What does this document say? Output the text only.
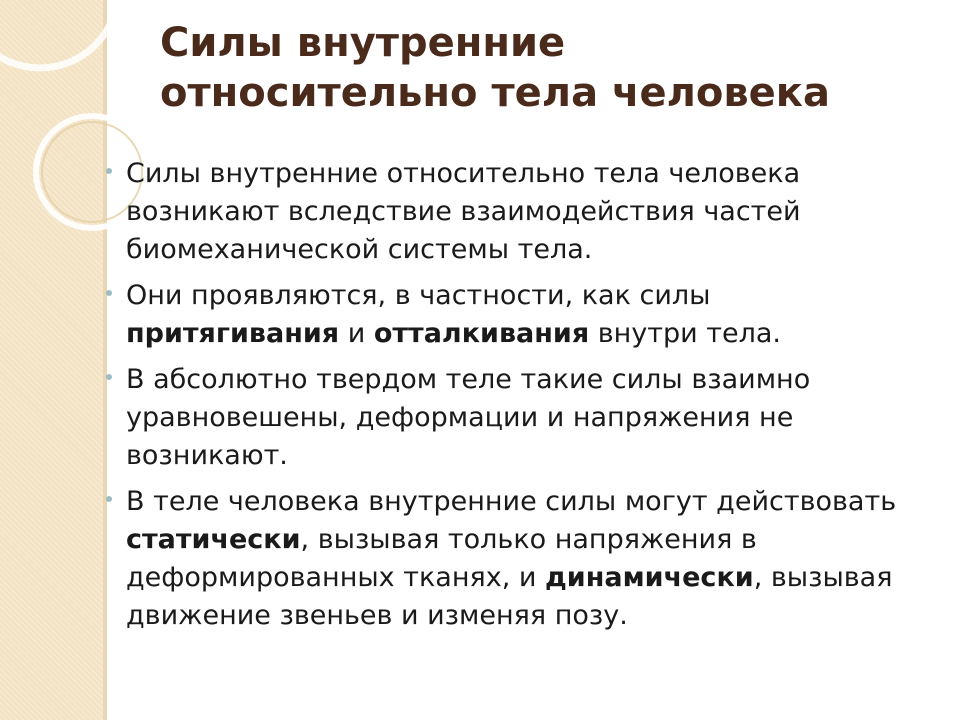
Силы внутренние
относительно тела человека
Силы внутренние относительно тела человека возникают вследствие взаимодействия частей биомеханической системы тела.
Они проявляются, в частности, как силы притягивания и отталкивания внутри тела.
В абсолютно твердом теле такие силы взаимно уравновешены, деформации и напряжения не возникают.
В теле человека внутренние силы могут действовать статически, вызывая только напряжения в деформированных тканях, и динамически, вызывая движение звеньев и изменяя позу.
